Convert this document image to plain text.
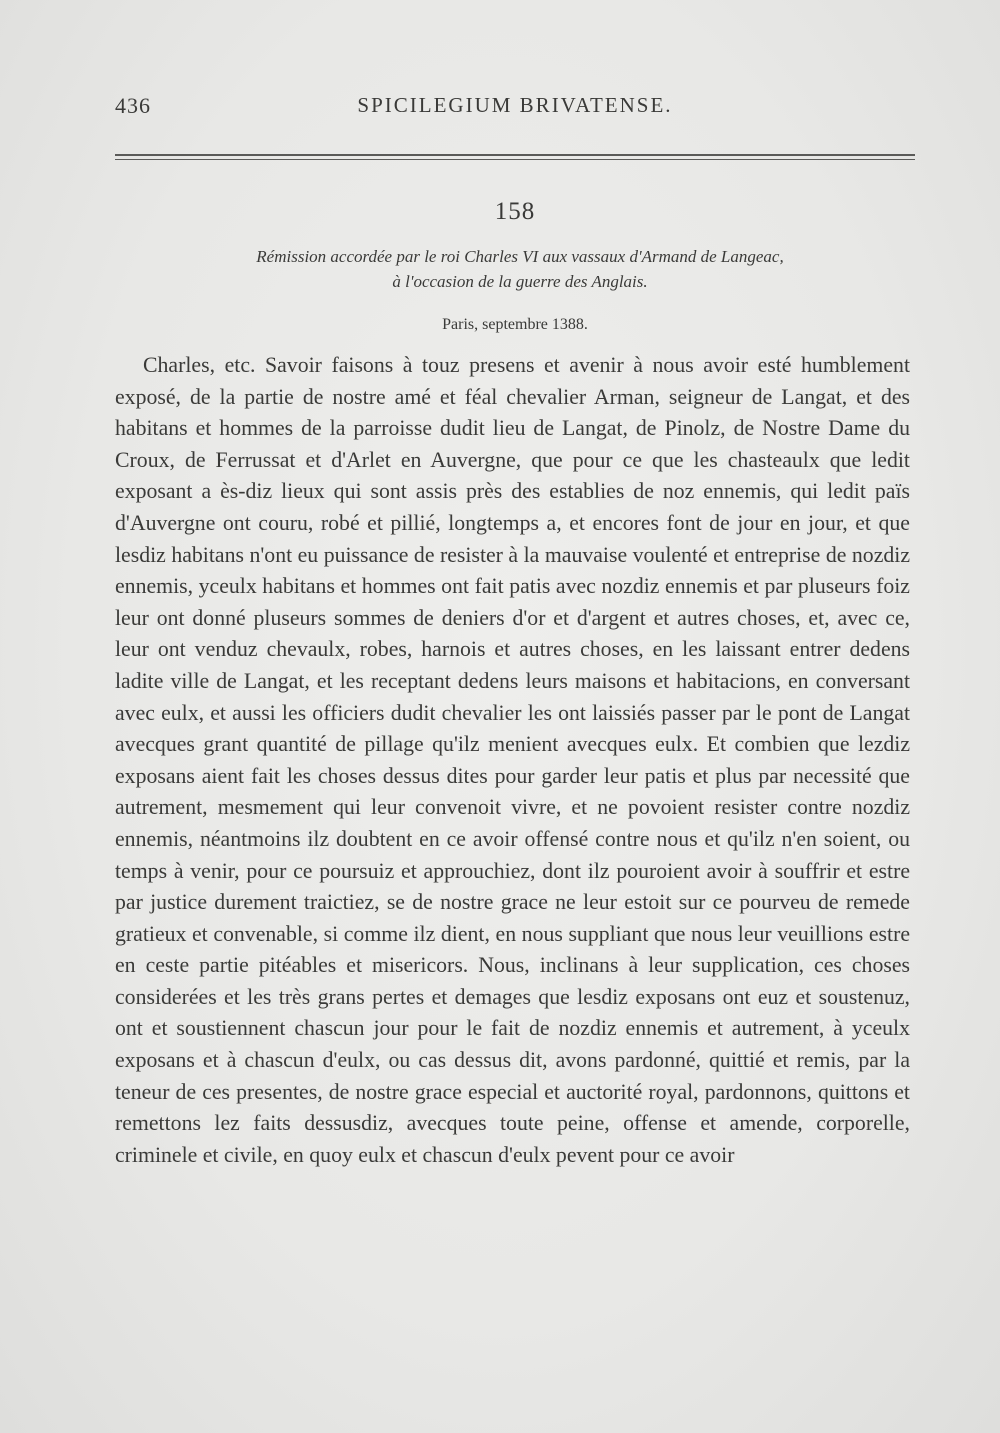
436	SPICILEGIUM BRIVATENSE.
158
Rémission accordée par le roi Charles VI aux vassaux d'Armand de Langeac,
à l'occasion de la guerre des Anglais.
Paris, septembre 1388.

Charles, etc. Savoir faisons à touz presens et avenir à nous avoir esté humblement exposé, de la partie de nostre amé et féal chevalier Arman, seigneur de Langat, et des habitans et hommes de la parroisse dudit lieu de Langat, de Pinolz, de Nostre Dame du Croux, de Ferrussat et d'Arlet en Auvergne, que pour ce que les chasteaulx que ledit exposant a ès-diz lieux qui sont assis près des establies de noz ennemis, qui ledit païs d'Auvergne ont couru, robé et pillié, longtemps a, et encores font de jour en jour, et que lesdiz habitans n'ont eu puissance de resister à la mauvaise voulenté et entreprise de nozdiz ennemis, yceulx habitans et hommes ont fait patis avec nozdiz ennemis et par pluseurs foiz leur ont donné pluseurs sommes de deniers d'or et d'argent et autres choses, et, avec ce, leur ont venduz chevaulx, robes, harnois et autres choses, en les laissant entrer dedens ladite ville de Langat, et les receptant dedens leurs maisons et habitacions, en conversant avec eulx, et aussi les officiers dudit chevalier les ont laissiés passer par le pont de Langat avecques grant quantité de pillage qu'ilz menient avecques eulx. Et combien que lezdiz exposans aient fait les choses dessus dites pour garder leur patis et plus par necessité que autrement, mesmement qui leur convenoit vivre, et ne povoient resister contre nozdiz ennemis, néantmoins ilz doubtent en ce avoir offensé contre nous et qu'ilz n'en soient, ou temps à venir, pour ce poursuiz et approuchiez, dont ilz pouroient avoir à souffrir et estre par justice durement traictiez, se de nostre grace ne leur estoit sur ce pourveu de remede gratieux et convenable, si comme ilz dient, en nous suppliant que nous leur veuillions estre en ceste partie pitéables et misericors. Nous, inclinans à leur supplication, ces choses considerées et les très grans pertes et demages que lesdiz exposans ont euz et soustenuz, ont et soustiennent chascun jour pour le fait de nozdiz ennemis et autrement, à yceulx exposans et à chascun d'eulx, ou cas dessus dit, avons pardonné, quittié et remis, par la teneur de ces presentes, de nostre grace especial et auctorité royal, pardonnons, quittons et remettons lez faits dessusdiz, avecques toute peine, offense et amende, corporelle, criminele et civile, en quoy eulx et chascun d'eulx pevent pour ce avoir
